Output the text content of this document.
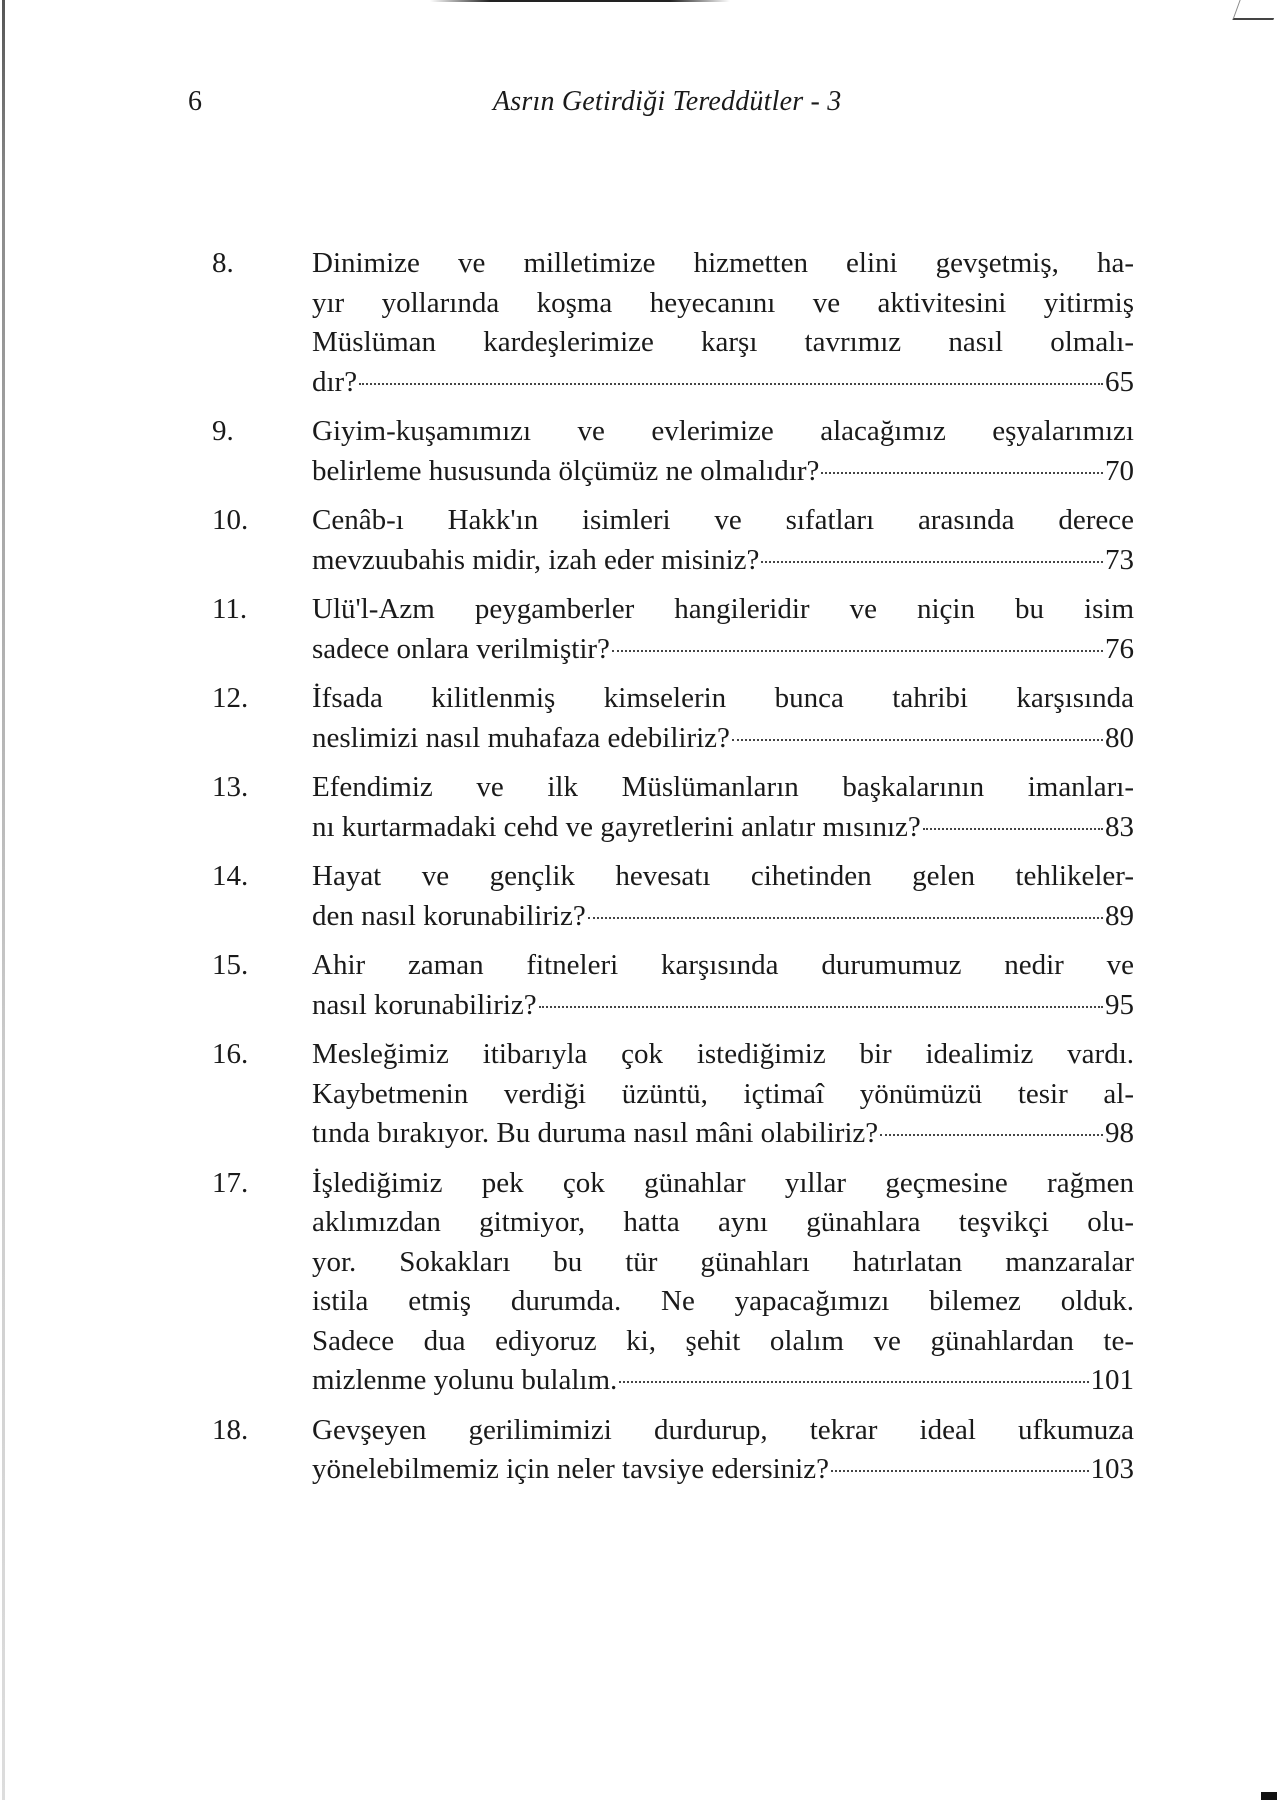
6	Asrın Getirdiği Tereddütler - 3
8.	Dinimize ve milletimize hizmetten elini gevşetmiş, ha-
yır yollarında koşma heyecanını ve aktivitesini yitirmiş
Müslüman kardeşlerimize karşı tavrımız nasıl olmalı-
dır?	65
9.	Giyim-kuşamımızı ve evlerimize alacağımız eşyalarımızı
belirleme hususunda ölçümüz ne olmalıdır?	70
10.	Cenâb-ı Hakk'ın isimleri ve sıfatları arasında derece
mevzuubahis midir, izah eder misiniz?	73
11.	Ulü'l-Azm peygamberler hangileridir ve niçin bu isim
sadece onlara verilmiştir?	76
12.	İfsada kilitlenmiş kimselerin bunca tahribi karşısında
neslimizi nasıl muhafaza edebiliriz?	80
13.	Efendimiz ve ilk Müslümanların başkalarının imanları-
nı kurtarmadaki cehd ve gayretlerini anlatır mısınız?	83
14.	Hayat ve gençlik hevesatı cihetinden gelen tehlikeler-
den nasıl korunabiliriz?	89
15.	Ahir zaman fitneleri karşısında durumumuz nedir ve
nasıl korunabiliriz?	95
16.	Mesleğimiz itibarıyla çok istediğimiz bir idealimiz vardı.
Kaybetmenin verdiği üzüntü, içtimaî yönümüzü tesir al-
tında bırakıyor. Bu duruma nasıl mâni olabiliriz?	98
17.	İşlediğimiz pek çok günahlar yıllar geçmesine rağmen
aklımızdan gitmiyor, hatta aynı günahlara teşvikçi olu-
yor. Sokakları bu tür günahları hatırlatan manzaralar
istila etmiş durumda. Ne yapacağımızı bilemez olduk.
Sadece dua ediyoruz ki, şehit olalım ve günahlardan te-
mizlenme yolunu bulalım.	101
18.	Gevşeyen gerilimimizi durdurup, tekrar ideal ufkumuza
yönelebilmemiz için neler tavsiye edersiniz?	103
